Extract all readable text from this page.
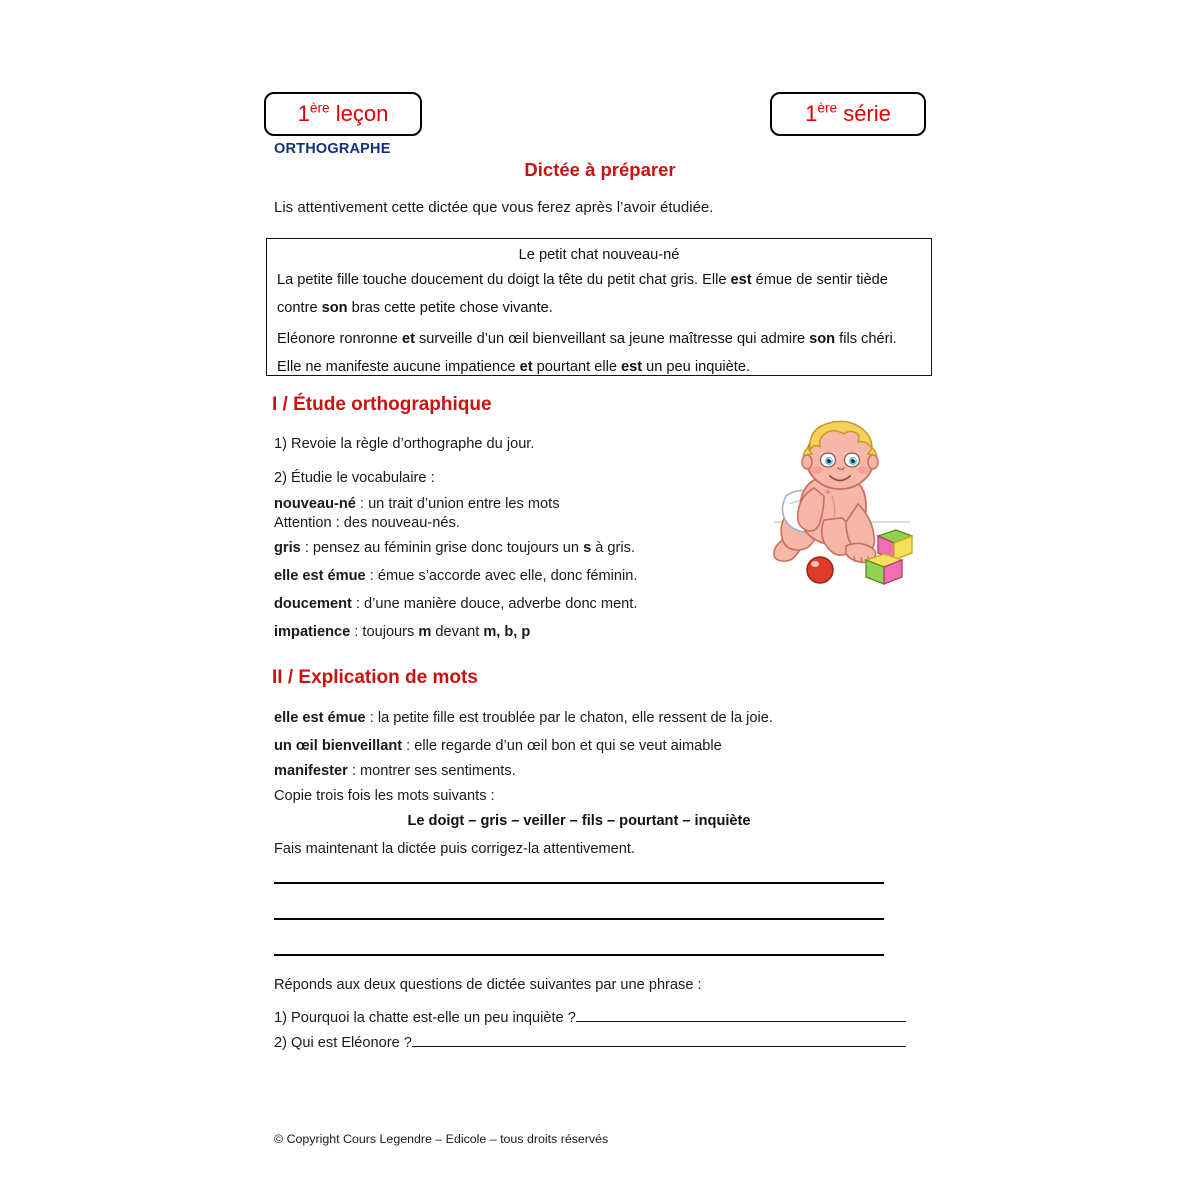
1ère leçon	1ère série
ORTHOGRAPHE
Dictée à préparer
Lis attentivement cette dictée que vous ferez après l’avoir étudiée.
Le petit chat nouveau-né

La petite fille touche doucement du doigt la tête du petit chat gris. Elle est émue de sentir tiède contre son bras cette petite chose vivante.

Eléonore ronronne et surveille d’un œil bienveillant sa jeune maîtresse qui admire son fils chéri. Elle ne manifeste aucune impatience et pourtant elle est un peu inquiète.

I / Étude orthographique
1) Revoie la règle d’orthographe du jour.
2) Étudie le vocabulaire :
nouveau-né : un trait d’union entre les mots
Attention : des nouveau-nés.
gris : pensez au féminin grise donc toujours un s à gris.
elle est émue : émue s’accorde avec elle, donc féminin.
doucement : d’une manière douce, adverbe donc ment.
impatience : toujours m devant m, b, p
II / Explication de mots
elle est émue : la petite fille est troublée par le chaton, elle ressent de la joie.
un œil bienveillant : elle regarde d’un œil bon et qui se veut aimable
manifester : montrer ses sentiments.
Copie trois fois les mots suivants :
Le doigt – gris – veiller – fils – pourtant – inquiète
Fais maintenant la dictée puis corrigez-la attentivement.
Réponds aux deux questions de dictée suivantes par une phrase :
1) Pourquoi la chatte est-elle un peu inquiète ?
2) Qui est Eléonore ?
© Copyright Cours Legendre – Edicole – tous droits réservés
